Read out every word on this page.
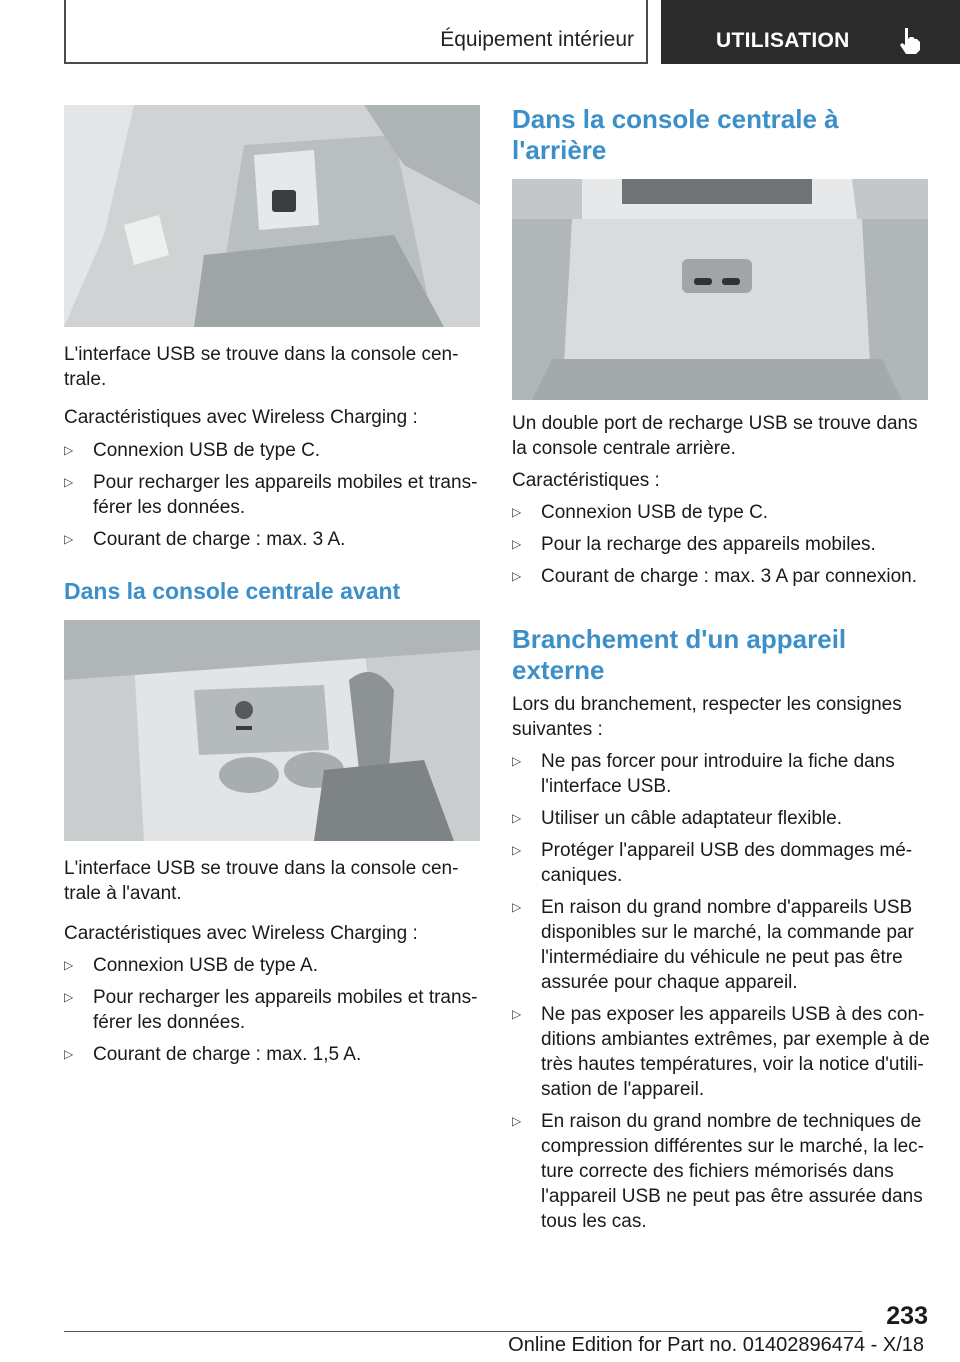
Équipement intérieur	UTILISATION

L'interface USB se trouve dans la console cen‐
trale.

Caractéristiques avec Wireless Charging :

▷ Connexion USB de type C.
▷ Pour recharger les appareils mobiles et trans‐
férer les données.
▷ Courant de charge : max. 3 A.
Dans la console centrale avant

L'interface USB se trouve dans la console cen‐
trale à l'avant.

Caractéristiques avec Wireless Charging :

▷ Connexion USB de type A.
▷ Pour recharger les appareils mobiles et trans‐
férer les données.
▷ Courant de charge : max. 1,5 A.
Dans la console centrale à
l'arrière

Un double port de recharge USB se trouve dans
la console centrale arrière.

Caractéristiques :

▷ Connexion USB de type C.
▷ Pour la recharge des appareils mobiles.
▷ Courant de charge : max. 3 A par connexion.
Branchement d'un appareil
externe

Lors du branchement, respecter les consignes
suivantes :

▷ Ne pas forcer pour introduire la fiche dans
l'interface USB.
▷ Utiliser un câble adaptateur flexible.
▷ Protéger l'appareil USB des dommages mé‐
caniques.
▷ En raison du grand nombre d'appareils USB
disponibles sur le marché, la commande par
l'intermédiaire du véhicule ne peut pas être
assurée pour chaque appareil.
▷ Ne pas exposer les appareils USB à des con‐
ditions ambiantes extrêmes, par exemple à de
très hautes températures, voir la notice d'utili‐
sation de l'appareil.
▷ En raison du grand nombre de techniques de
compression différentes sur le marché, la lec‐
ture correcte des fichiers mémorisés dans
l'appareil USB ne peut pas être assurée dans
tous les cas.
233
Online Edition for Part no. 01402896474 - X/18
